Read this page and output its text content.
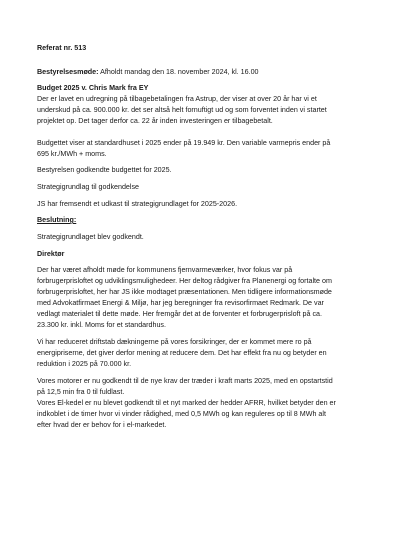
Referat nr. 513

Bestyrelsesmøde: Afholdt mandag den 18. november 2024, kl. 16.00

Budget 2025 v. Chris Mark fra EY

Der er lavet en udregning på tilbagebetalingen fra Astrup, der viser at over 20 år har vi et

underskud på ca. 900.000 kr. det ser altså helt fornuftigt ud og som forventet inden vi startet

projektet op. Det tager derfor ca. 22 år inden investeringen er tilbagebetalt.

Budgettet viser at standardhuset i 2025 ender på 19.949 kr. Den variable varmepris ender på

695 kr./MWh + moms.

Bestyrelsen godkendte budgettet for 2025.

Strategigrundlag til godkendelse

JS har fremsendt et udkast til strategigrundlaget for 2025-2026.

Beslutning:

Strategigrundlaget blev godkendt.

Direktør

Der har været afholdt møde for kommunens fjernvarmeværker, hvor fokus var på

forbrugerprisloftet og udviklingsmulighedeer. Her deltog rådgiver fra Planenergi og fortalte om

forbrugerprisloftet, her har JS ikke modtaget præsentationen. Men tidligere informationsmøde

med Advokatfirmaet Energi & Miljø, har jeg beregninger fra revisorfirmaet Redmark. De var

vedlagt materialet til dette møde. Her fremgår det at de forventer et forbrugerprisloft på ca.

23.300 kr. inkl. Moms for et standardhus.

Vi har reduceret driftstab dækningerne på vores forsikringer, der er kommet mere ro på

energipriserne, det giver derfor mening at reducere dem. Det har effekt fra nu og betyder en

reduktion i 2025 på 70.000 kr.

Vores motorer er nu godkendt til de nye krav der træder i kraft marts 2025, med en opstartstid

på 12,5 min fra 0 til fuldlast.

Vores El-kedel er nu blevet godkendt til et nyt marked der hedder AFRR, hvilket betyder den er

indkoblet i de timer hvor vi vinder rådighed, med 0,5 MWh og kan reguleres op til 8 MWh alt

efter hvad der er behov for i el-markedet.
